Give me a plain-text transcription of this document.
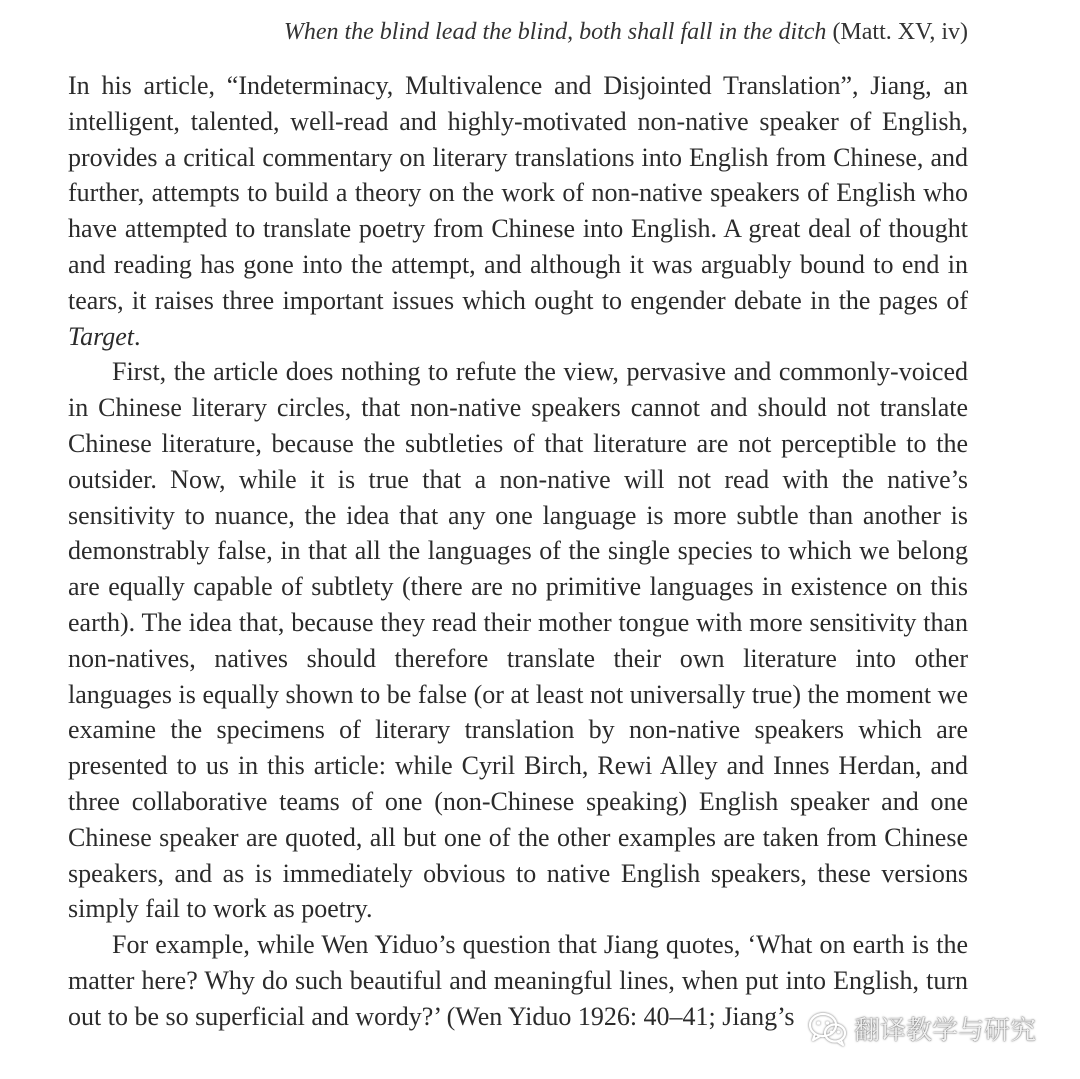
When the blind lead the blind, both shall fall in the ditch (Matt. XV, iv)

In his article, “Indeterminacy, Multivalence and Disjointed Translation”, Jiang, an intelligent, talented, well-read and highly-motivated non-native speaker of English, provides a critical commentary on literary translations into English from Chinese, and further, attempts to build a theory on the work of non-native speakers of English who have attempted to translate poetry from Chinese into English. A great deal of thought and reading has gone into the attempt, and although it was arguably bound to end in tears, it raises three important issues which ought to engender debate in the pages of Target.

First, the article does nothing to refute the view, pervasive and commonly-voiced in Chinese literary circles, that non-native speakers cannot and should not translate Chinese literature, because the subtleties of that literature are not perceptible to the outsider. Now, while it is true that a non-native will not read with the native’s sensitivity to nuance, the idea that any one language is more subtle than another is demonstrably false, in that all the languages of the single species to which we belong are equally capable of subtlety (there are no primitive languages in existence on this earth). The idea that, because they read their mother tongue with more sensitivity than non-natives, natives should therefore translate their own literature into other languages is equally shown to be false (or at least not universally true) the moment we examine the specimens of literary translation by non-native speakers which are presented to us in this article: while Cyril Birch, Rewi Alley and Innes Herdan, and three collaborative teams of one (non-Chinese speaking) English speaker and one Chinese speaker are quoted, all but one of the other examples are taken from Chinese speakers, and as is immediately obvious to native English speakers, these versions simply fail to work as poetry.

For example, while Wen Yiduo’s question that Jiang quotes, ‘What on earth is the matter here? Why do such beautiful and meaningful lines, when put into English, turn out to be so superficial and wordy?’ (Wen Yiduo 1926: 40–41; Jiang’s	翻译教学与研究
